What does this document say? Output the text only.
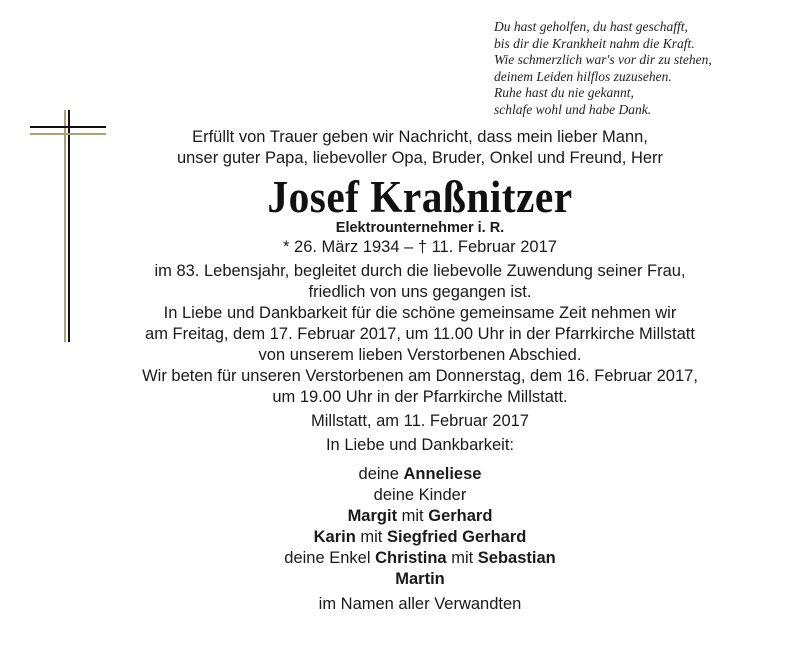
Du hast geholfen, du hast geschafft,
bis dir die Krankheit nahm die Kraft.
Wie schmerzlich war's vor dir zu stehen,
deinem Leiden hilflos zuzusehen.
Ruhe hast du nie gekannt,
schlafe wohl und habe Dank.
Erfüllt von Trauer geben wir Nachricht, dass mein lieber Mann,
unser guter Papa, liebevoller Opa, Bruder, Onkel und Freund, Herr
Josef Kraßnitzer
Elektrounternehmer i. R.
* 26. März 1934 – † 11. Februar 2017
im 83. Lebensjahr, begleitet durch die liebevolle Zuwendung seiner Frau,
friedlich von uns gegangen ist.
In Liebe und Dankbarkeit für die schöne gemeinsame Zeit nehmen wir
am Freitag, dem 17. Februar 2017, um 11.00 Uhr in der Pfarrkirche Millstatt
von unserem lieben Verstorbenen Abschied.
Wir beten für unseren Verstorbenen am Donnerstag, dem 16. Februar 2017,
um 19.00 Uhr in der Pfarrkirche Millstatt.
Millstatt, am 11. Februar 2017
In Liebe und Dankbarkeit:
deine Anneliese
deine Kinder
Margit mit Gerhard
Karin mit Siegfried Gerhard
deine Enkel Christina mit Sebastian
Martin
im Namen aller Verwandten
